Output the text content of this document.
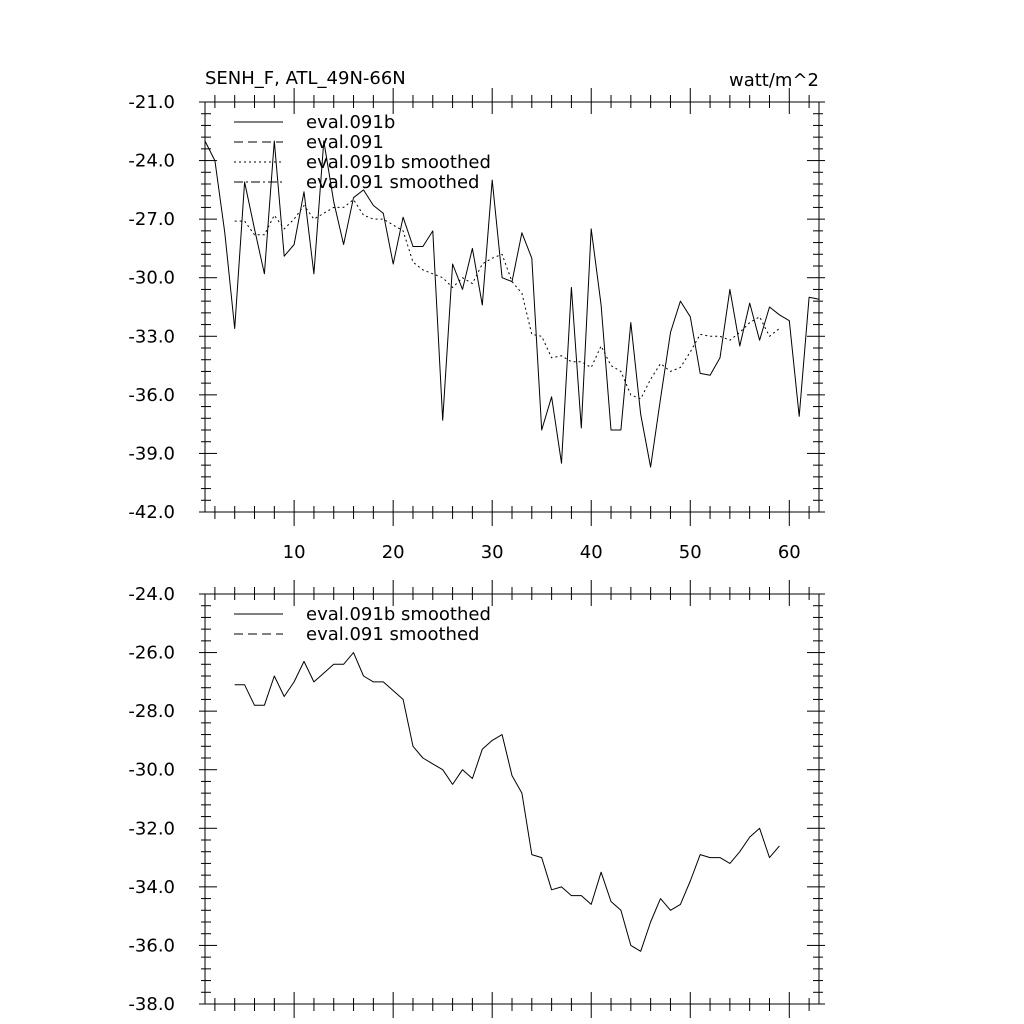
-21.0
-24.0
-27.0
-30.0
-33.0
-36.0
-39.0
-42.0
10	20	30	40	50	60
SENH_F, ATL_49N-66N	watt/m^2
eval.091b
eval.091
eval.091b smoothed
eval.091 smoothed
-24.0
-26.0
-28.0
-30.0
-32.0
-34.0
-36.0
-38.0
eval.091b smoothed
eval.091 smoothed
